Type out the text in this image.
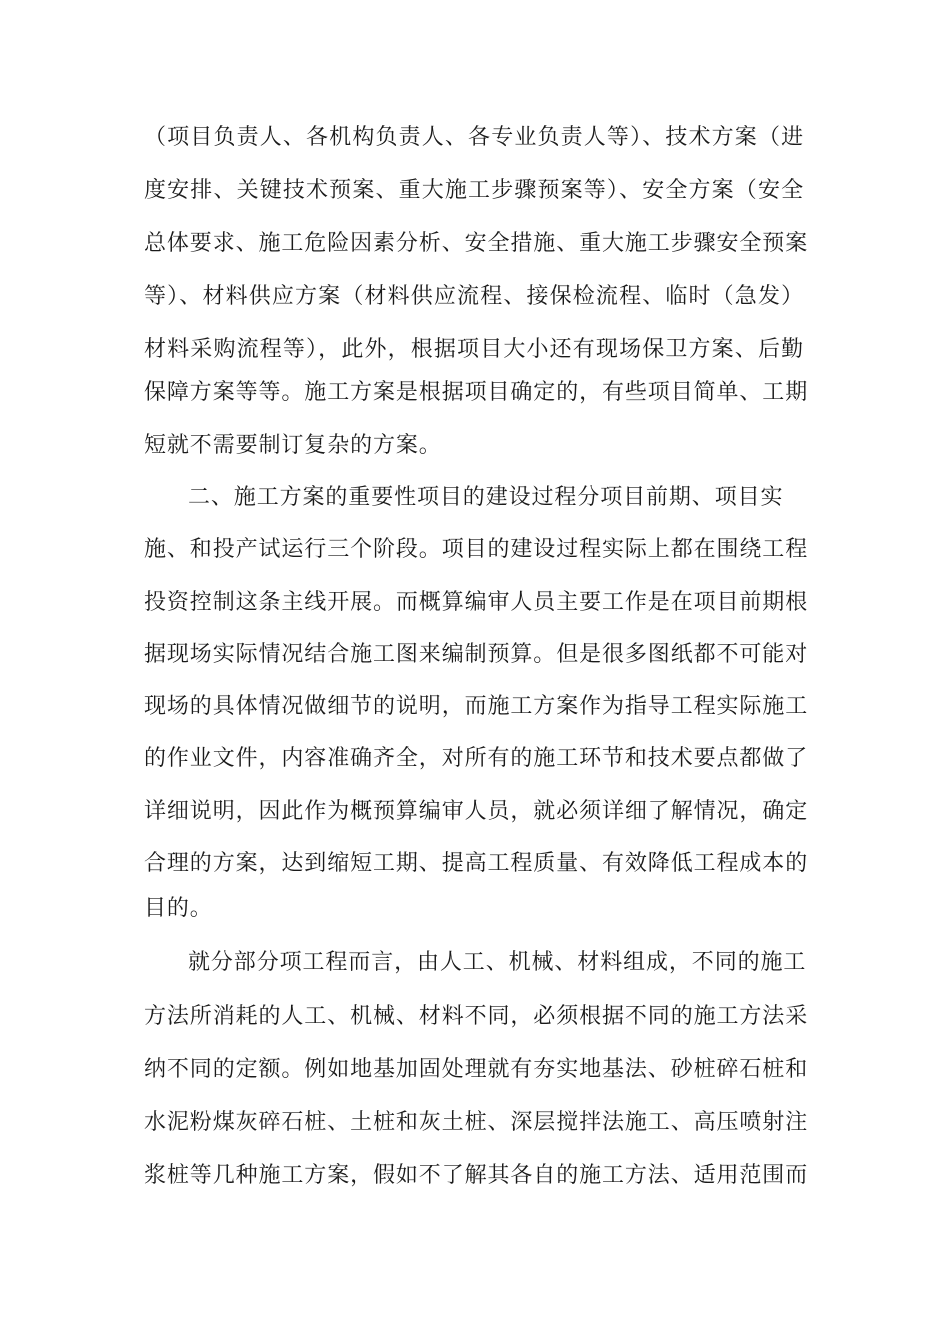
（项目负责人、各机构负责人、各专业负责人等）、技术方案（进
度安排、关键技术预案、重大施工步骤预案等）、安全方案（安全
总体要求、施工危险因素分析、安全措施、重大施工步骤安全预案
等）、材料供应方案（材料供应流程、接保检流程、临时（急发）
材料采购流程等），此外，根据项目大小还有现场保卫方案、后勤
保障方案等等。施工方案是根据项目确定的，有些项目简单、工期
短就不需要制订复杂的方案。
二、施工方案的重要性项目的建设过程分项目前期、项目实
施、和投产试运行三个阶段。项目的建设过程实际上都在围绕工程
投资控制这条主线开展。而概算编审人员主要工作是在项目前期根
据现场实际情况结合施工图来编制预算。但是很多图纸都不可能对
现场的具体情况做细节的说明，而施工方案作为指导工程实际施工
的作业文件，内容准确齐全，对所有的施工环节和技术要点都做了
详细说明，因此作为概预算编审人员，就必须详细了解情况，确定
合理的方案，达到缩短工期、提高工程质量、有效降低工程成本的
目的。
就分部分项工程而言，由人工、机械、材料组成，不同的施工
方法所消耗的人工、机械、材料不同，必须根据不同的施工方法采
纳不同的定额。例如地基加固处理就有夯实地基法、砂桩碎石桩和
水泥粉煤灰碎石桩、土桩和灰土桩、深层搅拌法施工、高压喷射注
浆桩等几种施工方案，假如不了解其各自的施工方法、适用范围而
